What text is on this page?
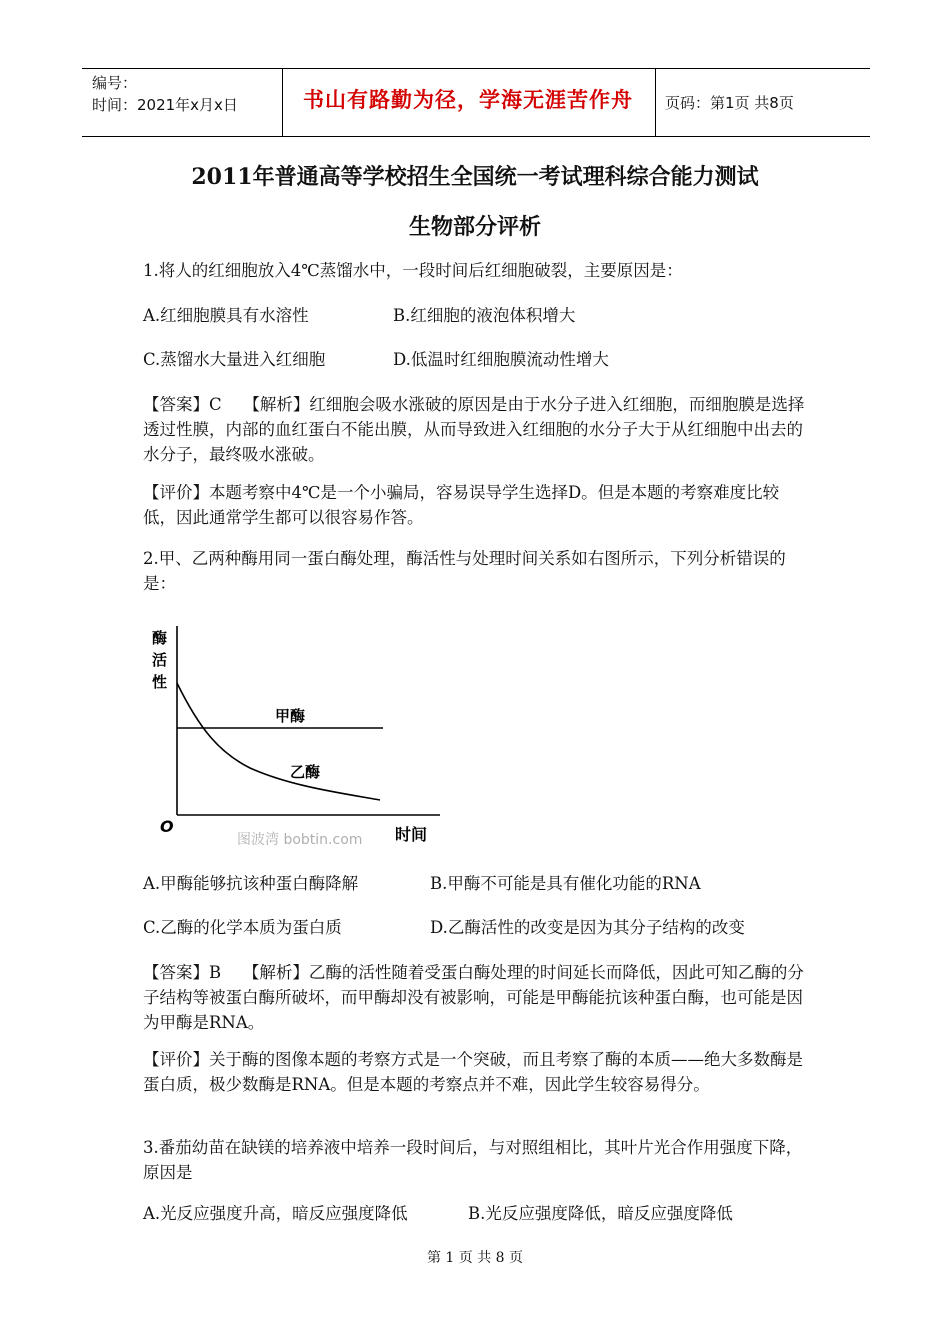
编号：
时间：2021年x月x日	书山有路勤为径，学海无涯苦作舟	页码：第1页 共8页
2011年普通高等学校招生全国统一考试理科综合能力测试
生物部分评析
1.将人的红细胞放入4℃蒸馏水中，一段时间后红细胞破裂，主要原因是：
A.红细胞膜具有水溶性	B.红细胞的液泡体积增大
C.蒸馏水大量进入红细胞	D.低温时红细胞膜流动性增大
【答案】C　 【解析】红细胞会吸水涨破的原因是由于水分子进入红细胞，而细胞膜是选择透过性膜，内部的血红蛋白不能出膜，从而导致进入红细胞的水分子大于从红细胞中出去的水分子，最终吸水涨破。
【评价】本题考察中4℃是一个小骗局，容易误导学生选择D。但是本题的考察难度比较低，因此通常学生都可以很容易作答。
2.甲、乙两种酶用同一蛋白酶处理，酶活性与处理时间关系如右图所示，下列分析错误的是：
酶 活 性
O	时间
图波湾 bobtin.com
甲酶
乙酶
A.甲酶能够抗该种蛋白酶降解	B.甲酶不可能是具有催化功能的RNA
C.乙酶的化学本质为蛋白质	D.乙酶活性的改变是因为其分子结构的改变
【答案】B　 【解析】乙酶的活性随着受蛋白酶处理的时间延长而降低，因此可知乙酶的分子结构等被蛋白酶所破坏，而甲酶却没有被影响，可能是甲酶能抗该种蛋白酶，也可能是因为甲酶是RNA。
【评价】关于酶的图像本题的考察方式是一个突破，而且考察了酶的本质——绝大多数酶是蛋白质，极少数酶是RNA。但是本题的考察点并不难，因此学生较容易得分。
3.番茄幼苗在缺镁的培养液中培养一段时间后，与对照组相比，其叶片光合作用强度下降，原因是
A.光反应强度升高，暗反应强度降低	B.光反应强度降低，暗反应强度降低
第 1 页 共 8 页
